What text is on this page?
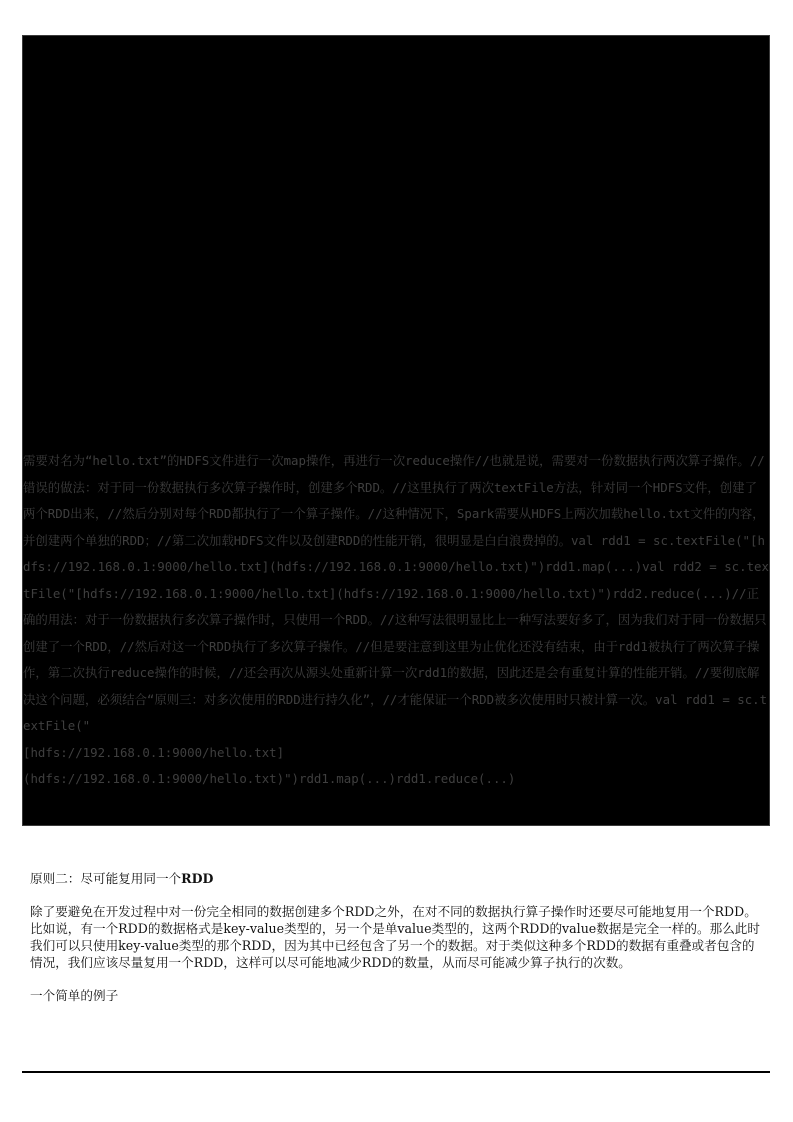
需要对名为“hello.txt”的HDFS文件进行一次map操作，再进行一次reduce操作//也就是说，需要对一份数据执行两次算子操作。//错误的做法：对于同一份数据执行多次算子操作时，创建多个RDD。//这里执行了两次textFile方法，针对同一个HDFS文件，创建了两个RDD出来，//然后分别对每个RDD都执行了一个算子操作。//这种情况下，Spark需要从HDFS上两次加载hello.txt文件的内容，并创建两个单独的RDD；//第二次加载HDFS文件以及创建RDD的性能开销，很明显是白白浪费掉的。val rdd1 = sc.textFile("[hdfs://192.168.0.1:9000/hello.txt](hdfs://192.168.0.1:9000/hello.txt)")rdd1.map(...)val rdd2 = sc.textFile("[hdfs://192.168.0.1:9000/hello.txt](hdfs://192.168.0.1:9000/hello.txt)")rdd2.reduce(...)//正确的用法：对于一份数据执行多次算子操作时，只使用一个RDD。//这种写法很明显比上一种写法要好多了，因为我们对于同一份数据只创建了一个RDD，//然后对这一个RDD执行了多次算子操作。//但是要注意到这里为止优化还没有结束，由于rdd1被执行了两次算子操作，第二次执行reduce操作的时候，//还会再次从源头处重新计算一次rdd1的数据，因此还是会有重复计算的性能开销。//要彻底解决这个问题，必须结合“原则三：对多次使用的RDD进行持久化”，//才能保证一个RDD被多次使用时只被计算一次。val rdd1 = sc.textFile("
[hdfs://192.168.0.1:9000/hello.txt]
(hdfs://192.168.0.1:9000/hello.txt)")rdd1.map(...)rdd1.reduce(...)

原则二：尽可能复用同一个RDD

除了要避免在开发过程中对一份完全相同的数据创建多个RDD之外，在对不同的数据执行算子操作时还要尽可能地复用一个RDD。比如说，有一个RDD的数据格式是key-value类型的，另一个是单value类型的，这两个RDD的value数据是完全一样的。那么此时我们可以只使用key-value类型的那个RDD，因为其中已经包含了另一个的数据。对于类似这种多个RDD的数据有重叠或者包含的情况，我们应该尽量复用一个RDD，这样可以尽可能地减少RDD的数量，从而尽可能减少算子执行的次数。

一个简单的例子
